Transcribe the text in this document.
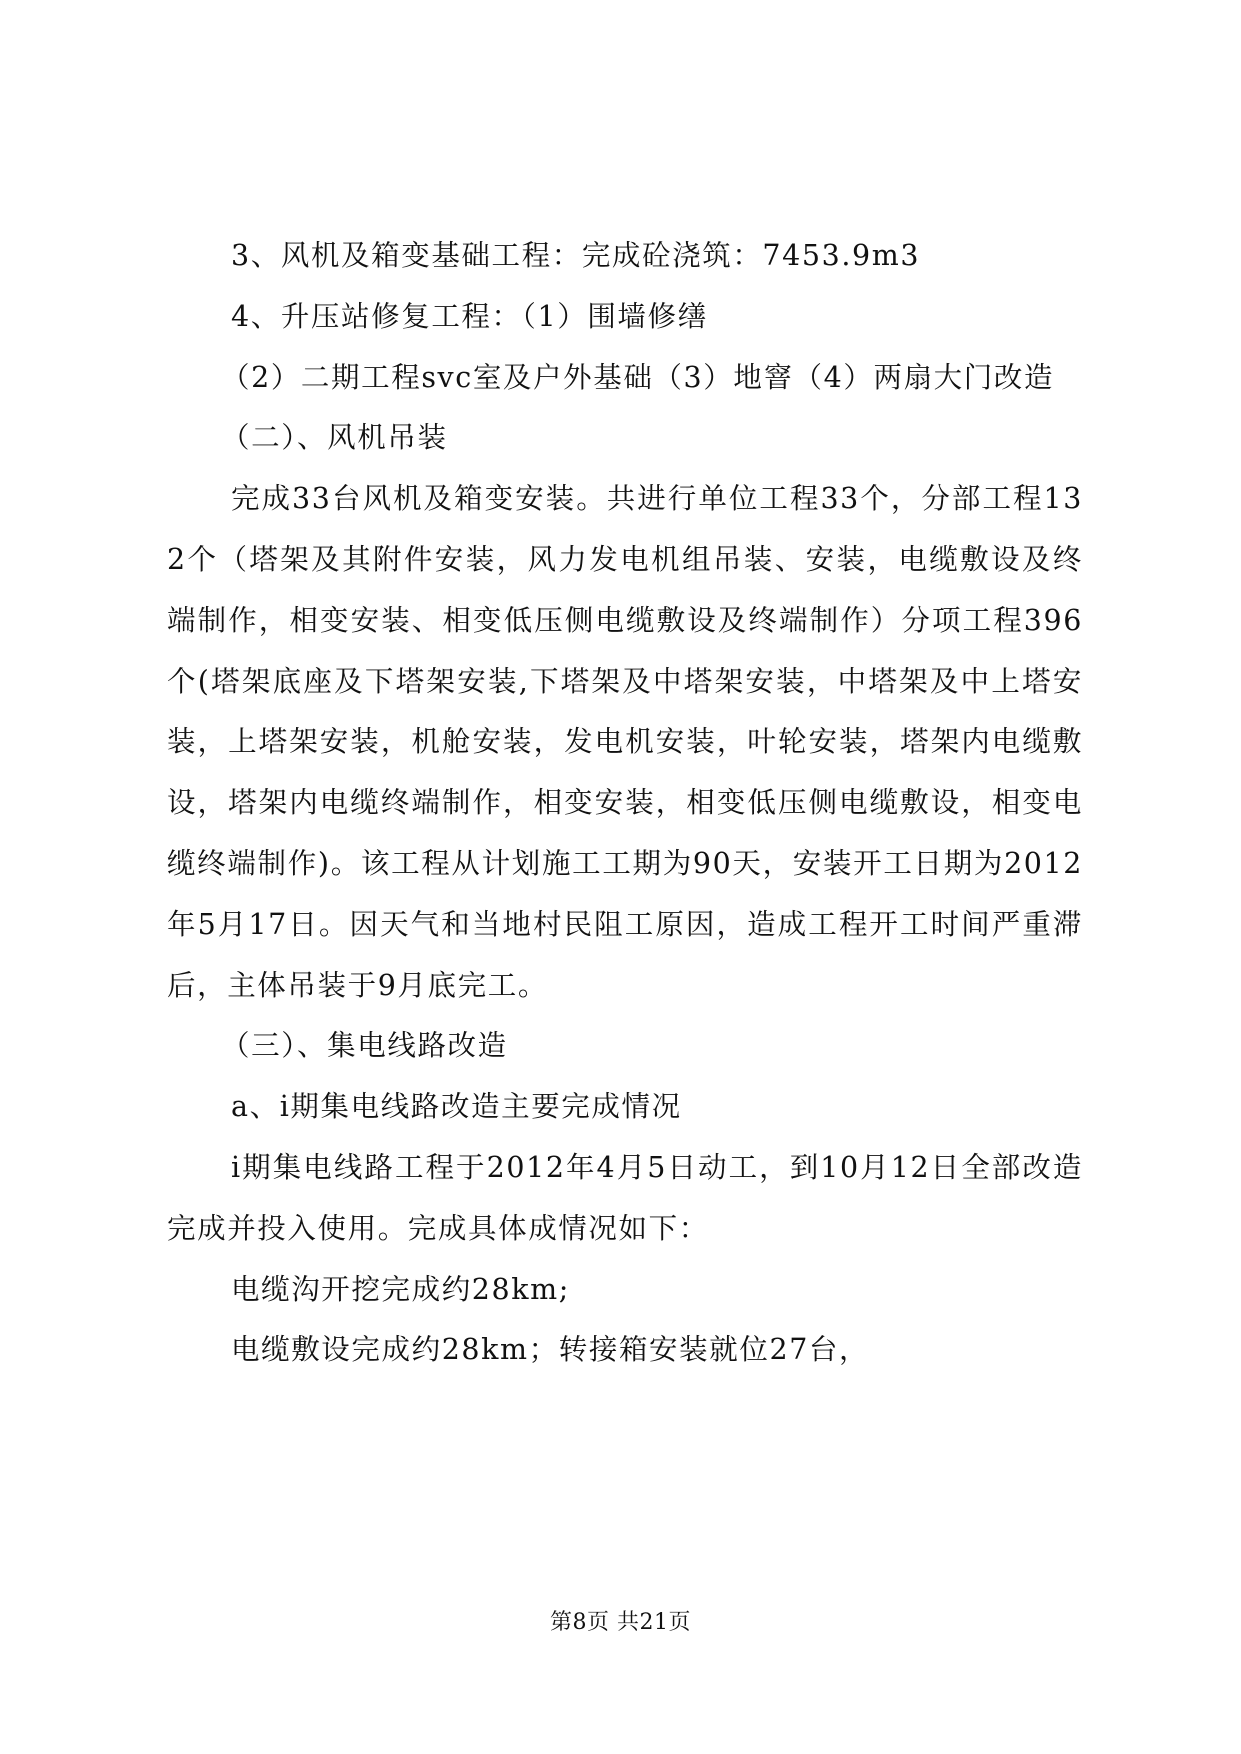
3、风机及箱变基础工程：完成砼浇筑：7453.9m3

4、升压站修复工程：（1）围墙修缮

（2）二期工程svc室及户外基础（3）地窨（4）两扇大门改造

（二）、风机吊装

完成33台风机及箱变安装。共进行单位工程33个，分部工程132个（塔架及其附件安装，风力发电机组吊装、安装，电缆敷设及终端制作，相变安装、相变低压侧电缆敷设及终端制作）分项工程396个(塔架底座及下塔架安装,下塔架及中塔架安装，中塔架及中上塔安装，上塔架安装，机舱安装，发电机安装，叶轮安装，塔架内电缆敷设，塔架内电缆终端制作，相变安装，相变低压侧电缆敷设，相变电缆终端制作)。该工程从计划施工工期为90天，安装开工日期为2012年5月17日。因天气和当地村民阻工原因，造成工程开工时间严重滞后，主体吊装于9月底完工。

（三）、集电线路改造

a、ⅰ期集电线路改造主要完成情况

ⅰ期集电线路工程于2012年4月5日动工，到10月12日全部改造完成并投入使用。完成具体成情况如下：

电缆沟开挖完成约28km;

电缆敷设完成约28km；转接箱安装就位27台，

第8页 共21页
